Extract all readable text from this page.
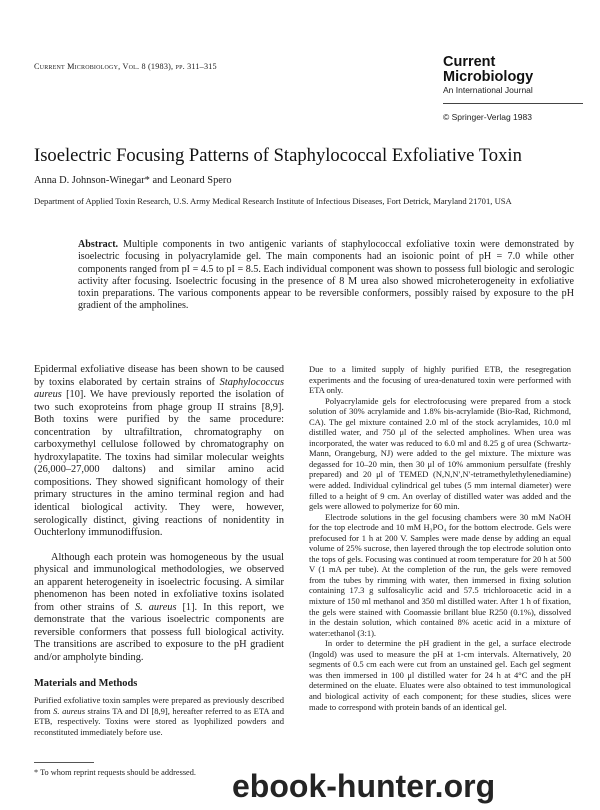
Current Microbiology, Vol. 8 (1983), pp. 311–315	Current
Microbiology
An International Journal
© Springer-Verlag 1983
Isoelectric Focusing Patterns of Staphylococcal Exfoliative Toxin
Anna D. Johnson-Winegar* and Leonard Spero
Department of Applied Toxin Research, U.S. Army Medical Research Institute of Infectious Diseases, Fort Detrick, Maryland 21701, USA
Abstract. Multiple components in two antigenic variants of staphylococcal exfoliative toxin were demonstrated by isoelectric focusing in polyacrylamide gel. The main components had an isoionic point of pH = 7.0 while other components ranged from pI = 4.5 to pI = 8.5. Each individual component was shown to possess full biologic and serologic activity after focusing. Isoelectric focusing in the presence of 8 M urea also showed microheterogeneity in exfoliative toxin preparations. The various components appear to be reversible conformers, possibly raised by exposure to the pH gradient of the ampholines.

Epidermal exfoliative disease has been shown to be caused by toxins elaborated by certain strains of Staphylococcus aureus [10]. We have previously reported the isolation of two such exoproteins from phage group II strains [8,9]. Both toxins were purified by the same procedure: concentration by ultrafiltration, chromatography on carboxymethyl cellulose followed by chromatography on hydroxylapatite. The toxins had similar molecular weights (26,000–27,000 daltons) and similar amino acid compositions. They showed significant homology of their primary structures in the amino terminal region and had identical biological activity. They were, however, serologically distinct, giving reactions of nonidentity in Ouchterlony immunodiffusion.

Although each protein was homogeneous by the usual physical and immunological methodologies, we observed an apparent heterogeneity in isoelectric focusing. A similar phenomenon has been noted in exfoliative toxins isolated from other strains of S. aureus [1]. In this report, we demonstrate that the various isoelectric components are reversible conformers that possess full biological activity. The transitions are ascribed to exposure to the pH gradient and/or ampholyte binding.

Materials and Methods

Purified exfoliative toxin samples were prepared as previously described from S. aureus strains TA and DI [8,9], hereafter referred to as ETA and ETB, respectively. Toxins were stored as lyophilized powders and reconstituted immediately before use.

Due to a limited supply of highly purified ETB, the resegregation experiments and the focusing of urea-denatured toxin were performed with ETA only.

Polyacrylamide gels for electrofocusing were prepared from a stock solution of 30% acrylamide and 1.8% bis-acrylamide (Bio-Rad, Richmond, CA). The gel mixture contained 2.0 ml of the stock acrylamides, 10.0 ml distilled water, and 750 μl of the selected ampholines. When urea was incorporated, the water was reduced to 6.0 ml and 8.25 g of urea (Schwartz-Mann, Orangeburg, NJ) were added to the gel mixture. The mixture was degassed for 10–20 min, then 30 μl of 10% ammonium persulfate (freshly prepared) and 20 μl of TEMED (N,N,N′,N′-tetramethylethylenediamine) were added. Individual cylindrical gel tubes (5 mm internal diameter) were filled to a height of 9 cm. An overlay of distilled water was added and the gels were allowed to polymerize for 60 min.

Electrode solutions in the gel focusing chambers were 30 mM NaOH for the top electrode and 10 mM H₃PO₄ for the bottom electrode. Gels were prefocused for 1 h at 200 V. Samples were made dense by adding an equal volume of 25% sucrose, then layered through the top electrode solution onto the tops of gels. Focusing was continued at room temperature for 20 h at 500 V (1 mA per tube). At the completion of the run, the gels were removed from the tubes by rimming with water, then immersed in fixing solution containing 17.3 g sulfosalicylic acid and 57.5 trichloroacetic acid in a mixture of 150 ml methanol and 350 ml distilled water. After 1 h of fixation, the gels were stained with Coomassie brillant blue R250 (0.1%), dissolved in the destain solution, which contained 8% acetic acid in a mixture of water:ethanol (3:1).

In order to determine the pH gradient in the gel, a surface electrode (Ingold) was used to measure the pH at 1-cm intervals. Alternatively, 20 segments of 0.5 cm each were cut from an unstained gel. Each gel segment was then immersed in 100 μl distilled water for 24 h at 4°C and the pH determined on the eluate. Eluates were also obtained to test immunological and biological activity of each component; for these studies, slices were made to correspond with protein bands of an identical gel.

* To whom reprint requests should be addressed. ebook-hunter.org
